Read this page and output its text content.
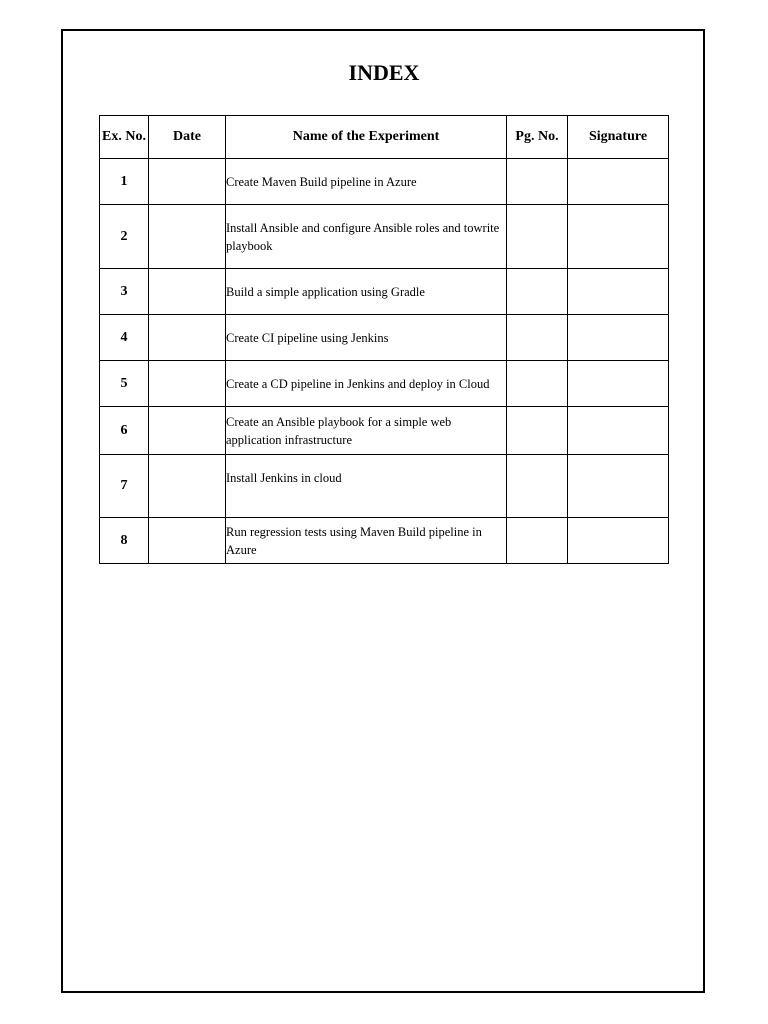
INDEX
Ex. No.	Date	Name of the Experiment	Pg. No.	Signature
1		Create Maven Build pipeline in Azure		
2		Install Ansible and configure Ansible roles and towrite playbook		
3		Build a simple application using Gradle		
4		Create CI pipeline using Jenkins		
5		Create a CD pipeline in Jenkins and deploy in Cloud		
6		Create an Ansible playbook for a simple web application infrastructure		
7		Install Jenkins in cloud		
8		Run regression tests using Maven Build pipeline in Azure		
